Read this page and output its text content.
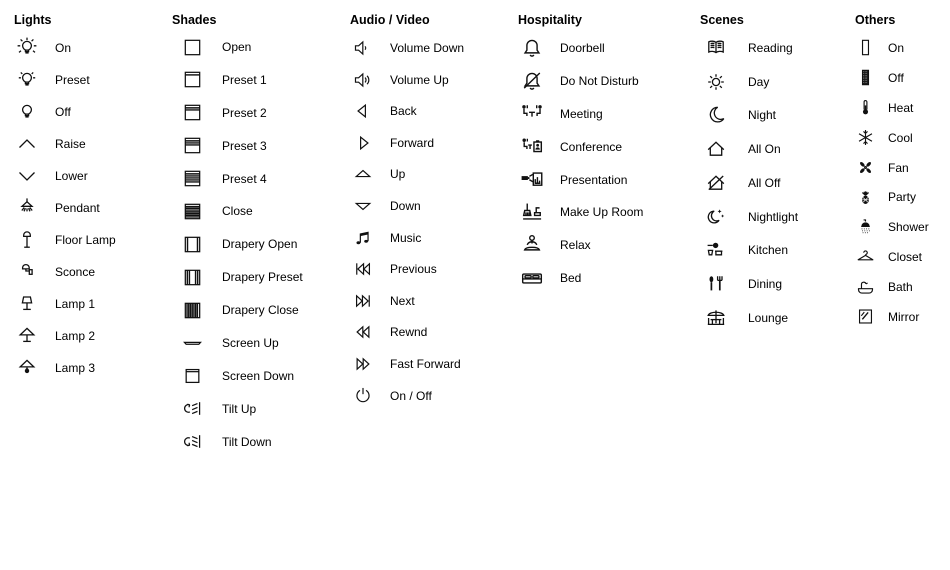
Lights
On
Preset
Off
Raise
Lower
Pendant
Floor Lamp
Sconce
Lamp 1
Lamp 2
Lamp 3
Shades
Open
Preset 1
Preset 2
Preset 3
Preset 4
Close
Drapery Open
Drapery Preset
Drapery Close
Screen Up
Screen Down
Tilt Up
Tilt Down
Audio / Video
Volume Down
Volume Up
Back
Forward
Up
Down
Music
Previous
Next
Rewnd
Fast Forward
On / Off
Hospitality
Doorbell
Do Not Disturb
Meeting
Conference
Presentation
Make Up Room
Relax
Bed
Scenes
Reading
Day
Night
All On
All Off
Nightlight
Kitchen
Dining
Lounge
Others
On
Off
Heat
Cool
Fan
Party
Shower
Closet
Bath
Mirror
